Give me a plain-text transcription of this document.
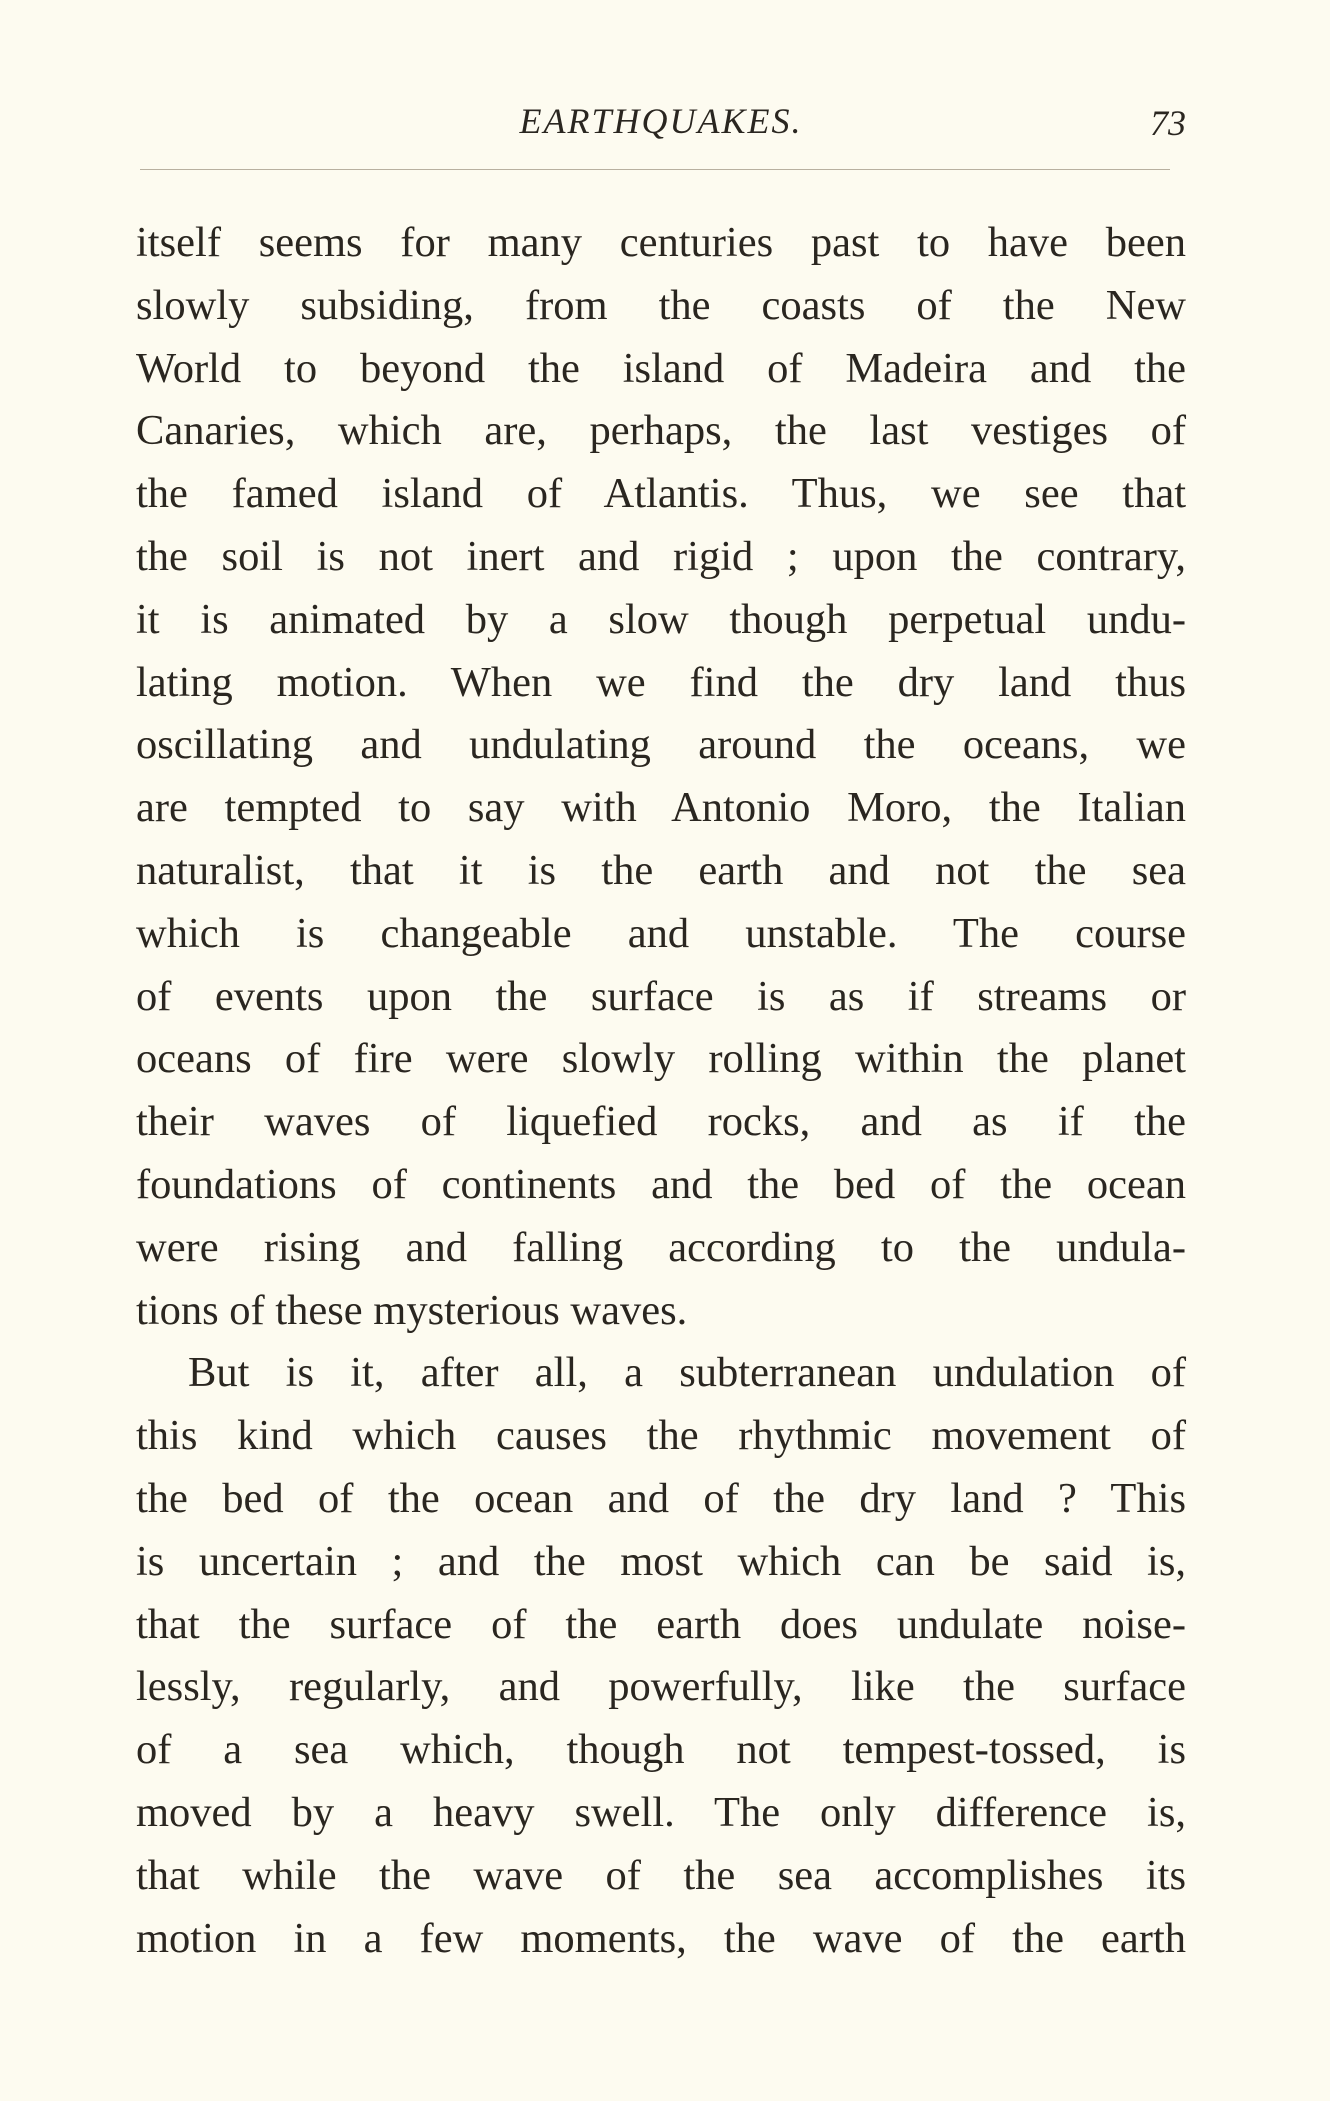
EARTHQUAKES.	73
itself seems for many centuries past to have been
slowly subsiding, from the coasts of the New
World to beyond the island of Madeira and the
Canaries, which are, perhaps, the last vestiges of
the famed island of Atlantis. Thus, we see that
the soil is not inert and rigid ; upon the contrary,
it is animated by a slow though perpetual undu-
lating motion. When we find the dry land thus
oscillating and undulating around the oceans, we
are tempted to say with Antonio Moro, the Italian
naturalist, that it is the earth and not the sea
which is changeable and unstable. The course
of events upon the surface is as if streams or
oceans of fire were slowly rolling within the planet
their waves of liquefied rocks, and as if the
foundations of continents and the bed of the ocean
were rising and falling according to the undula-
tions of these mysterious waves.
But is it, after all, a subterranean undulation of
this kind which causes the rhythmic movement of
the bed of the ocean and of the dry land ? This
is uncertain ; and the most which can be said is,
that the surface of the earth does undulate noise-
lessly, regularly, and powerfully, like the surface
of a sea which, though not tempest-tossed, is
moved by a heavy swell. The only difference is,
that while the wave of the sea accomplishes its
motion in a few moments, the wave of the earth
